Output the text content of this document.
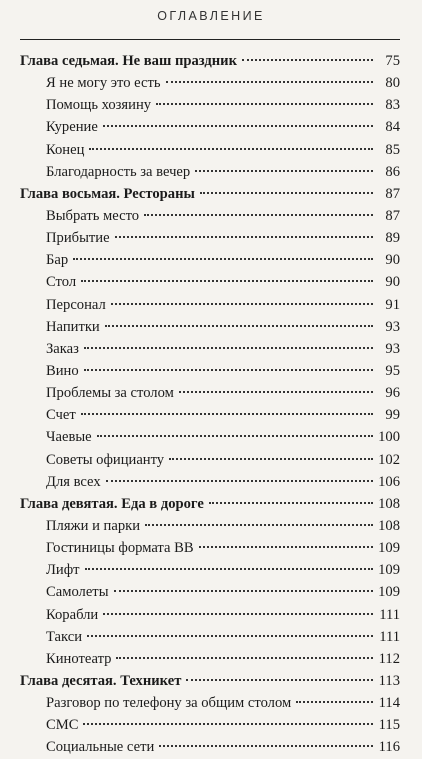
ОГЛАВЛЕНИЕ
Глава седьмая. Не ваш праздник	75
Я не могу это есть	80
Помощь хозяину	83
Курение	84
Конец	85
Благодарность за вечер	86
Глава восьмая. Рестораны	87
Выбрать место	87
Прибытие	89
Бар	90
Стол	90
Персонал	91
Напитки	93
Заказ	93
Вино	95
Проблемы за столом	96
Счет	99
Чаевые	100
Советы официанту	102
Для всех	106
Глава девятая. Еда в дороге	108
Пляжи и парки	108
Гостиницы формата ВВ	109
Лифт	109
Самолеты	109
Корабли	111
Такси	111
Кинотеатр	112
Глава десятая. Техникет	113
Разговор по телефону за общим столом	114
СМС	115
Социальные сети	116
